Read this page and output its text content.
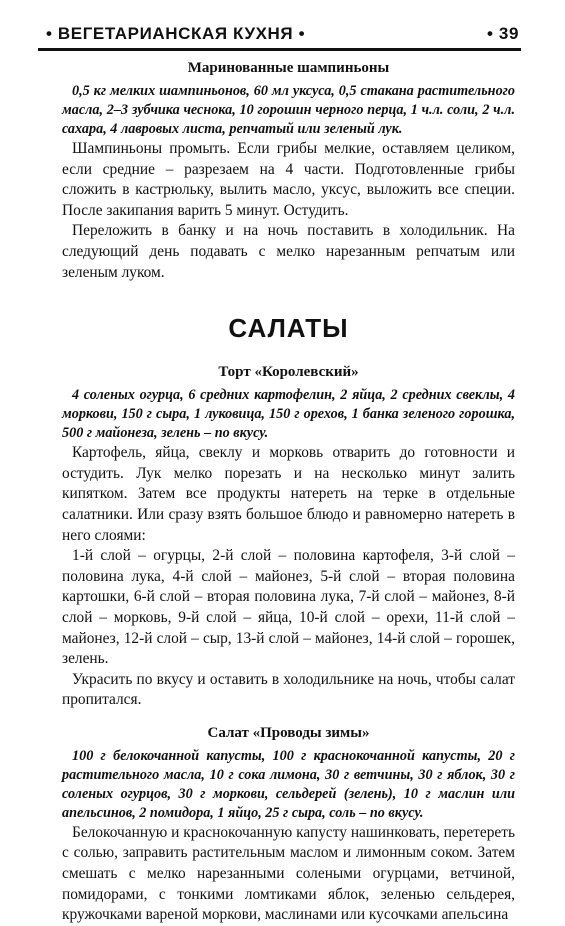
• ВЕГЕТАРИАНСКАЯ КУХНЯ •	• 39
Маринованные шампиньоны

0,5 кг мелких шампиньонов, 60 мл уксуса, 0,5 стакана растительного масла, 2–3 зубчика чеснока, 10 горошин черного перца, 1 ч.л. соли, 2 ч.л. сахара, 4 лавровых листа, репчатый или зеленый лук.

Шампиньоны промыть. Если грибы мелкие, оставляем целиком, если средние – разрезаем на 4 части. Подготовленные грибы сложить в кастрюльку, вылить масло, уксус, выложить все специи. После закипания варить 5 минут. Остудить.

Переложить в банку и на ночь поставить в холодильник. На следующий день подавать с мелко нарезанным репчатым или зеленым луком.

САЛАТЫ
Торт «Королевский»

4 соленых огурца, 6 средних картофелин, 2 яйца, 2 средних свеклы, 4 моркови, 150 г сыра, 1 луковица, 150 г орехов, 1 банка зеленого горошка, 500 г майонеза, зелень – по вкусу.

Картофель, яйца, свеклу и морковь отварить до готовности и остудить. Лук мелко порезать и на несколько минут залить кипятком. Затем все продукты натереть на терке в отдельные салатники. Или сразу взять большое блюдо и равномерно натереть в него слоями:

1-й слой – огурцы, 2-й слой – половина картофеля, 3-й слой – половина лука, 4-й слой – майонез, 5-й слой – вторая половина картошки, 6-й слой – вторая половина лука, 7-й слой – майонез, 8-й слой – морковь, 9-й слой – яйца, 10-й слой – орехи, 11-й слой – майонез, 12-й слой – сыр, 13-й слой – майонез, 14-й слой – горошек, зелень.

Украсить по вкусу и оставить в холодильнике на ночь, чтобы салат пропитался.

Салат «Проводы зимы»

100 г белокочанной капусты, 100 г краснокочанной капусты, 20 г растительного масла, 10 г сока лимона, 30 г ветчины, 30 г яблок, 30 г соленых огурцов, 30 г моркови, сельдерей (зелень), 10 г маслин или апельсинов, 2 помидора, 1 яйцо, 25 г сыра, соль – по вкусу.

Белокочанную и краснокочанную капусту нашинковать, перетереть с солью, заправить растительным маслом и лимонным соком. Затем смешать с мелко нарезанными солеными огурцами, ветчиной, помидорами, с тонкими ломтиками яблок, зеленью сельдерея, кружочками вареной моркови, маслинами или кусочками апельсина
